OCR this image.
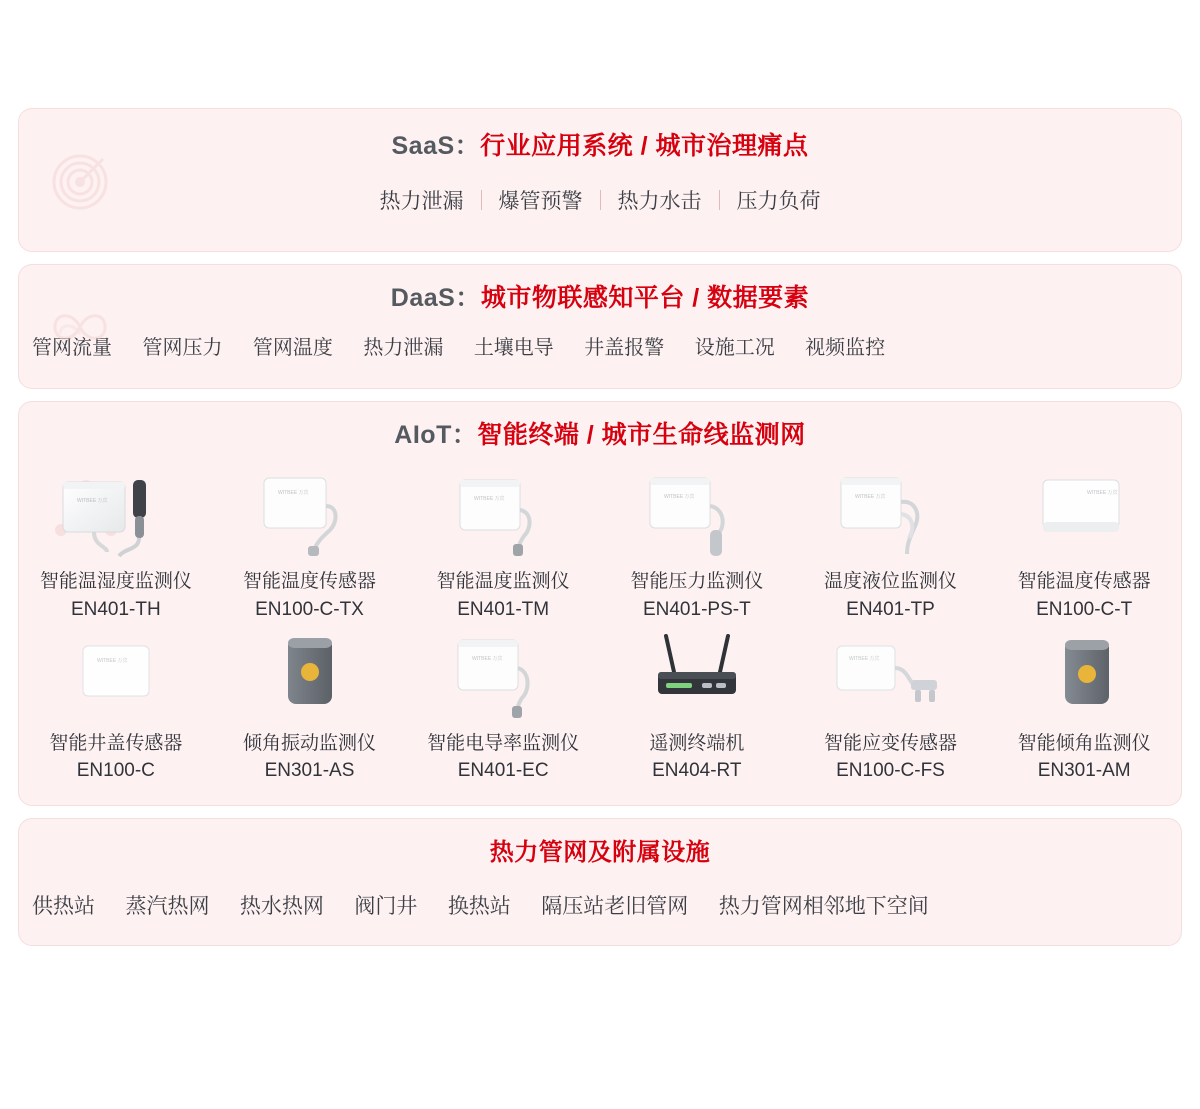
SaaS：行业应用系统 / 城市治理痛点
热力泄漏	爆管预警	热力水击	压力负荷
DaaS：城市物联感知平台 / 数据要素
管网流量 管网压力 管网温度 热力泄漏 土壤电导 井盖报警 设施工况 视频监控
AIoT：智能终端 / 城市生命线监测网
WITBEE 万宾
智能温湿度监测仪
EN401-TH
WITBEE 万宾
智能温度传感器
EN100-C-TX
WITBEE 万宾
智能温度监测仪
EN401-TM
WITBEE 万宾
智能压力监测仪
EN401-PS-T
WITBEE 万宾
温度液位监测仪
EN401-TP
WITBEE 万宾
智能温度传感器
EN100-C-T
WITBEE 万宾
智能井盖传感器
EN100-C
倾角振动监测仪
EN301-AS
WITBEE 万宾
智能电导率监测仪
EN401-EC
遥测终端机
EN404-RT
WITBEE 万宾
智能应变传感器
EN100-C-FS
智能倾角监测仪
EN301-AM
热力管网及附属设施
供热站 蒸汽热网 热水热网 阀门井 换热站 隔压站老旧管网 热力管网相邻地下空间
